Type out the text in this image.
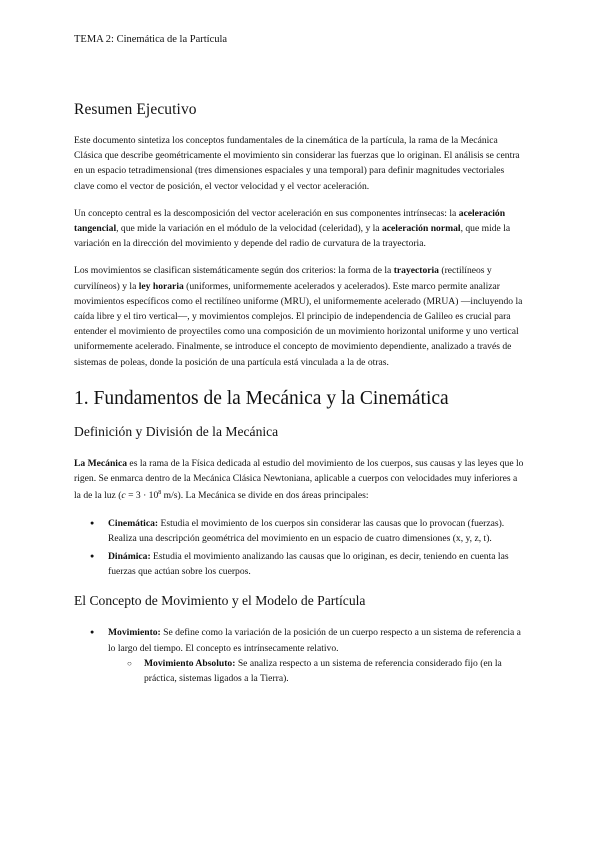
TEMA 2: Cinemática de la Partícula
Resumen Ejecutivo

Este documento sintetiza los conceptos fundamentales de la cinemática de la partícula, la rama de la Mecánica Clásica que describe geométricamente el movimiento sin considerar las fuerzas que lo originan. El análisis se centra en un espacio tetradimensional (tres dimensiones espaciales y una temporal) para definir magnitudes vectoriales clave como el vector de posición, el vector velocidad y el vector aceleración.

Un concepto central es la descomposición del vector aceleración en sus componentes intrínsecas: la aceleración tangencial, que mide la variación en el módulo de la velocidad (celeridad), y la aceleración normal, que mide la variación en la dirección del movimiento y depende del radio de curvatura de la trayectoria.

Los movimientos se clasifican sistemáticamente según dos criterios: la forma de la trayectoria (rectilíneos y curvilíneos) y la ley horaria (uniformes, uniformemente acelerados y acelerados). Este marco permite analizar movimientos específicos como el rectilíneo uniforme (MRU), el uniformemente acelerado (MRUA) —incluyendo la caída libre y el tiro vertical—, y movimientos complejos. El principio de independencia de Galileo es crucial para entender el movimiento de proyectiles como una composición de un movimiento horizontal uniforme y uno vertical uniformemente acelerado. Finalmente, se introduce el concepto de movimiento dependiente, analizado a través de sistemas de poleas, donde la posición de una partícula está vinculada a la de otras.

1. Fundamentos de la Mecánica y la Cinemática
Definición y División de la Mecánica

La Mecánica es la rama de la Física dedicada al estudio del movimiento de los cuerpos, sus causas y las leyes que lo rigen. Se enmarca dentro de la Mecánica Clásica Newtoniana, aplicable a cuerpos con velocidades muy inferiores a la de la luz ($c = 3 \cdot 10^8$ m/s). La Mecánica se divide en dos áreas principales:

● Cinemática: Estudia el movimiento de los cuerpos sin considerar las causas que lo provocan (fuerzas). Realiza una descripción geométrica del movimiento en un espacio de cuatro dimensiones (x, y, z, t).
● Dinámica: Estudia el movimiento analizando las causas que lo originan, es decir, teniendo en cuenta las fuerzas que actúan sobre los cuerpos.
El Concepto de Movimiento y el Modelo de Partícula
● Movimiento: Se define como la variación de la posición de un cuerpo respecto a un sistema de referencia a lo largo del tiempo. El concepto es intrínsecamente relativo.
○ Movimiento Absoluto: Se analiza respecto a un sistema de referencia considerado fijo (en la práctica, sistemas ligados a la Tierra).
